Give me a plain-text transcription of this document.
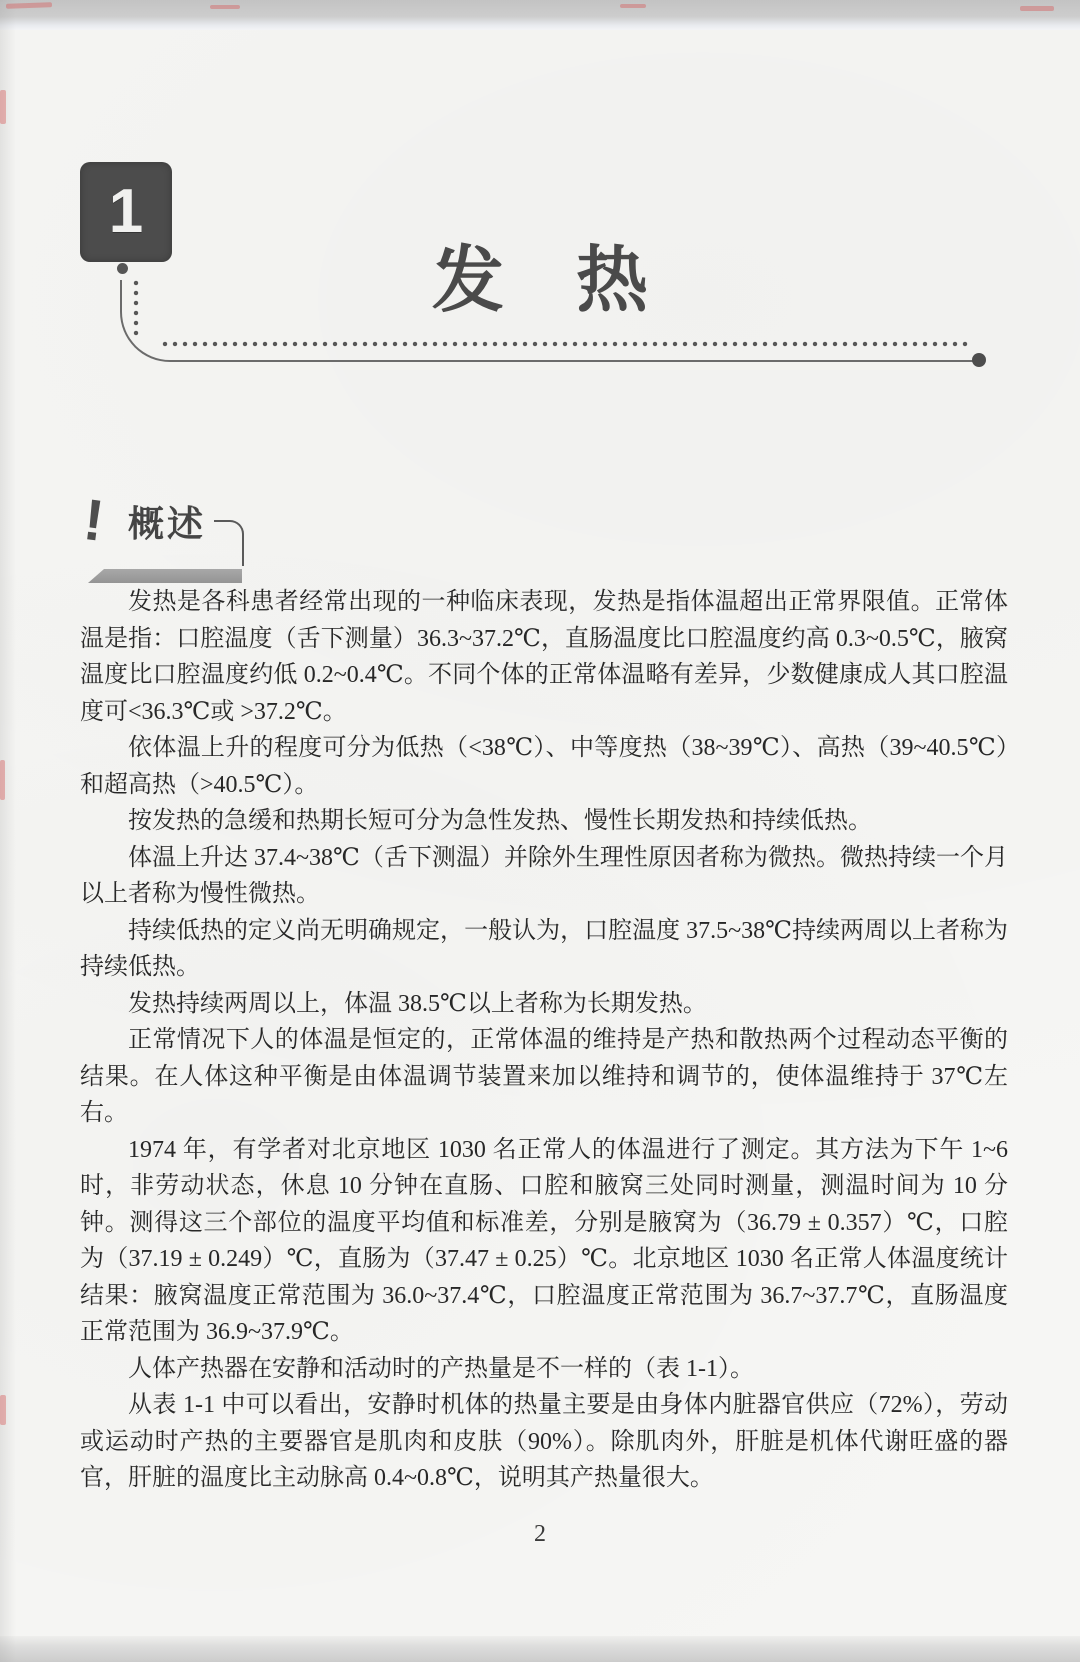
1
发　热
! 概述

发热是各科患者经常出现的一种临床表现，发热是指体温超出正常界限值。正常体温是指：口腔温度（舌下测量）36.3~37.2℃，直肠温度比口腔温度约高 0.3~0.5℃，腋窝温度比口腔温度约低 0.2~0.4℃。不同个体的正常体温略有差异，少数健康成人其口腔温度可<36.3℃或 >37.2℃。

依体温上升的程度可分为低热（<38℃）、中等度热（38~39℃）、高热（39~40.5℃）和超高热（>40.5℃）。

按发热的急缓和热期长短可分为急性发热、慢性长期发热和持续低热。

体温上升达 37.4~38℃（舌下测温）并除外生理性原因者称为微热。微热持续一个月以上者称为慢性微热。

持续低热的定义尚无明确规定，一般认为，口腔温度 37.5~38℃持续两周以上者称为持续低热。

发热持续两周以上，体温 38.5℃以上者称为长期发热。

正常情况下人的体温是恒定的，正常体温的维持是产热和散热两个过程动态平衡的结果。在人体这种平衡是由体温调节装置来加以维持和调节的，使体温维持于 37℃左右。

1974 年，有学者对北京地区 1030 名正常人的体温进行了测定。其方法为下午 1~6 时，非劳动状态，休息 10 分钟在直肠、口腔和腋窝三处同时测量，测温时间为 10 分钟。测得这三个部位的温度平均值和标准差，分别是腋窝为（36.79 ± 0.357）℃，口腔为（37.19 ± 0.249）℃，直肠为（37.47 ± 0.25）℃。北京地区 1030 名正常人体温度统计结果：腋窝温度正常范围为 36.0~37.4℃，口腔温度正常范围为 36.7~37.7℃，直肠温度正常范围为 36.9~37.9℃。

人体产热器在安静和活动时的产热量是不一样的（表 1-1）。

从表 1-1 中可以看出，安静时机体的热量主要是由身体内脏器官供应（72%），劳动或运动时产热的主要器官是肌肉和皮肤（90%）。除肌肉外，肝脏是机体代谢旺盛的器官，肝脏的温度比主动脉高 0.4~0.8℃，说明其产热量很大。

2
